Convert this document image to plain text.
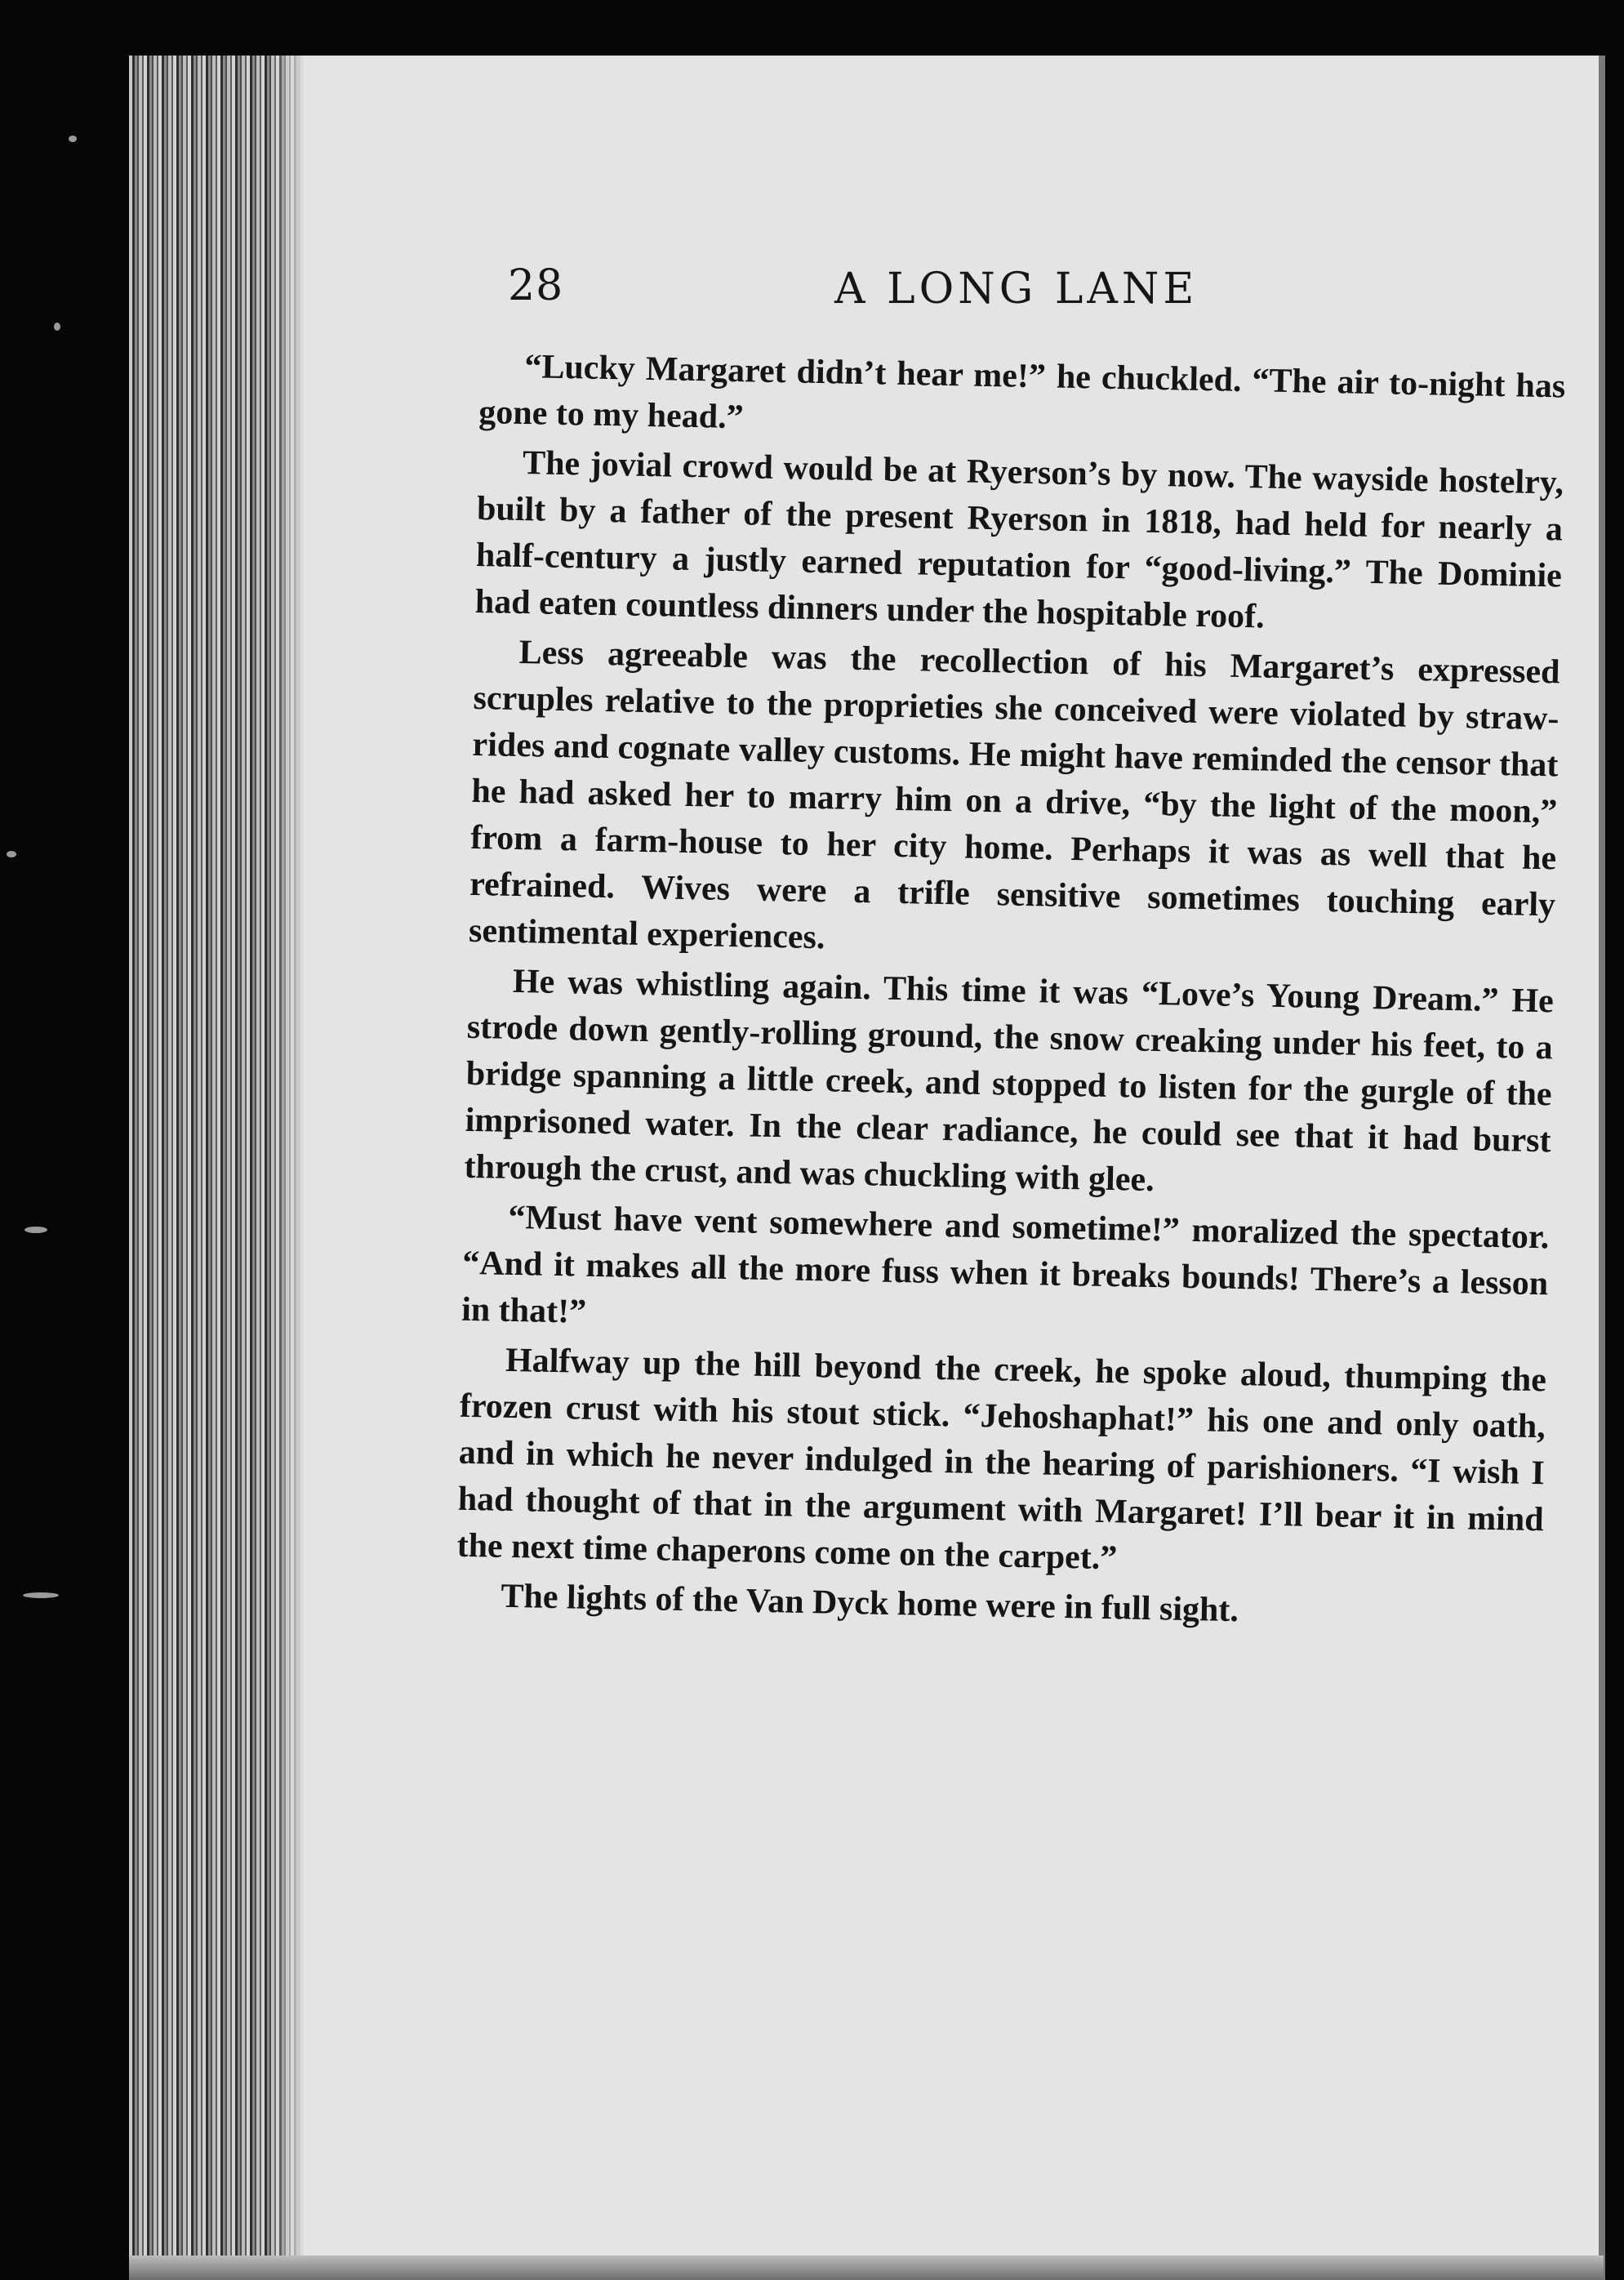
28	A LONG LANE

“Lucky Margaret didn’t hear me!” he chuckled. “The air to-night has gone to my head.”

The jovial crowd would be at Ryerson’s by now. The wayside hostelry, built by a father of the present Ryerson in 1818, had held for nearly a half-century a justly earned reputation for “good-living.” The Dominie had eaten countless dinners under the hospitable roof.

Less agreeable was the recollection of his Margaret’s expressed scruples relative to the proprieties she conceived were violated by straw-rides and cognate valley customs. He might have reminded the censor that he had asked her to marry him on a drive, “by the light of the moon,” from a farm-house to her city home. Perhaps it was as well that he refrained. Wives were a trifle sensitive sometimes touching early sentimental experiences.

He was whistling again. This time it was “Love’s Young Dream.” He strode down gently-rolling ground, the snow creaking under his feet, to a bridge spanning a little creek, and stopped to listen for the gurgle of the imprisoned water. In the clear radiance, he could see that it had burst through the crust, and was chuckling with glee.

“Must have vent somewhere and sometime!” moralized the spectator. “And it makes all the more fuss when it breaks bounds! There’s a lesson in that!”

Halfway up the hill beyond the creek, he spoke aloud, thumping the frozen crust with his stout stick. “Jehoshaphat!” his one and only oath, and in which he never indulged in the hearing of parishioners. “I wish I had thought of that in the argument with Margaret! I’ll bear it in mind the next time chaperons come on the carpet.”

The lights of the Van Dyck home were in full sight.
